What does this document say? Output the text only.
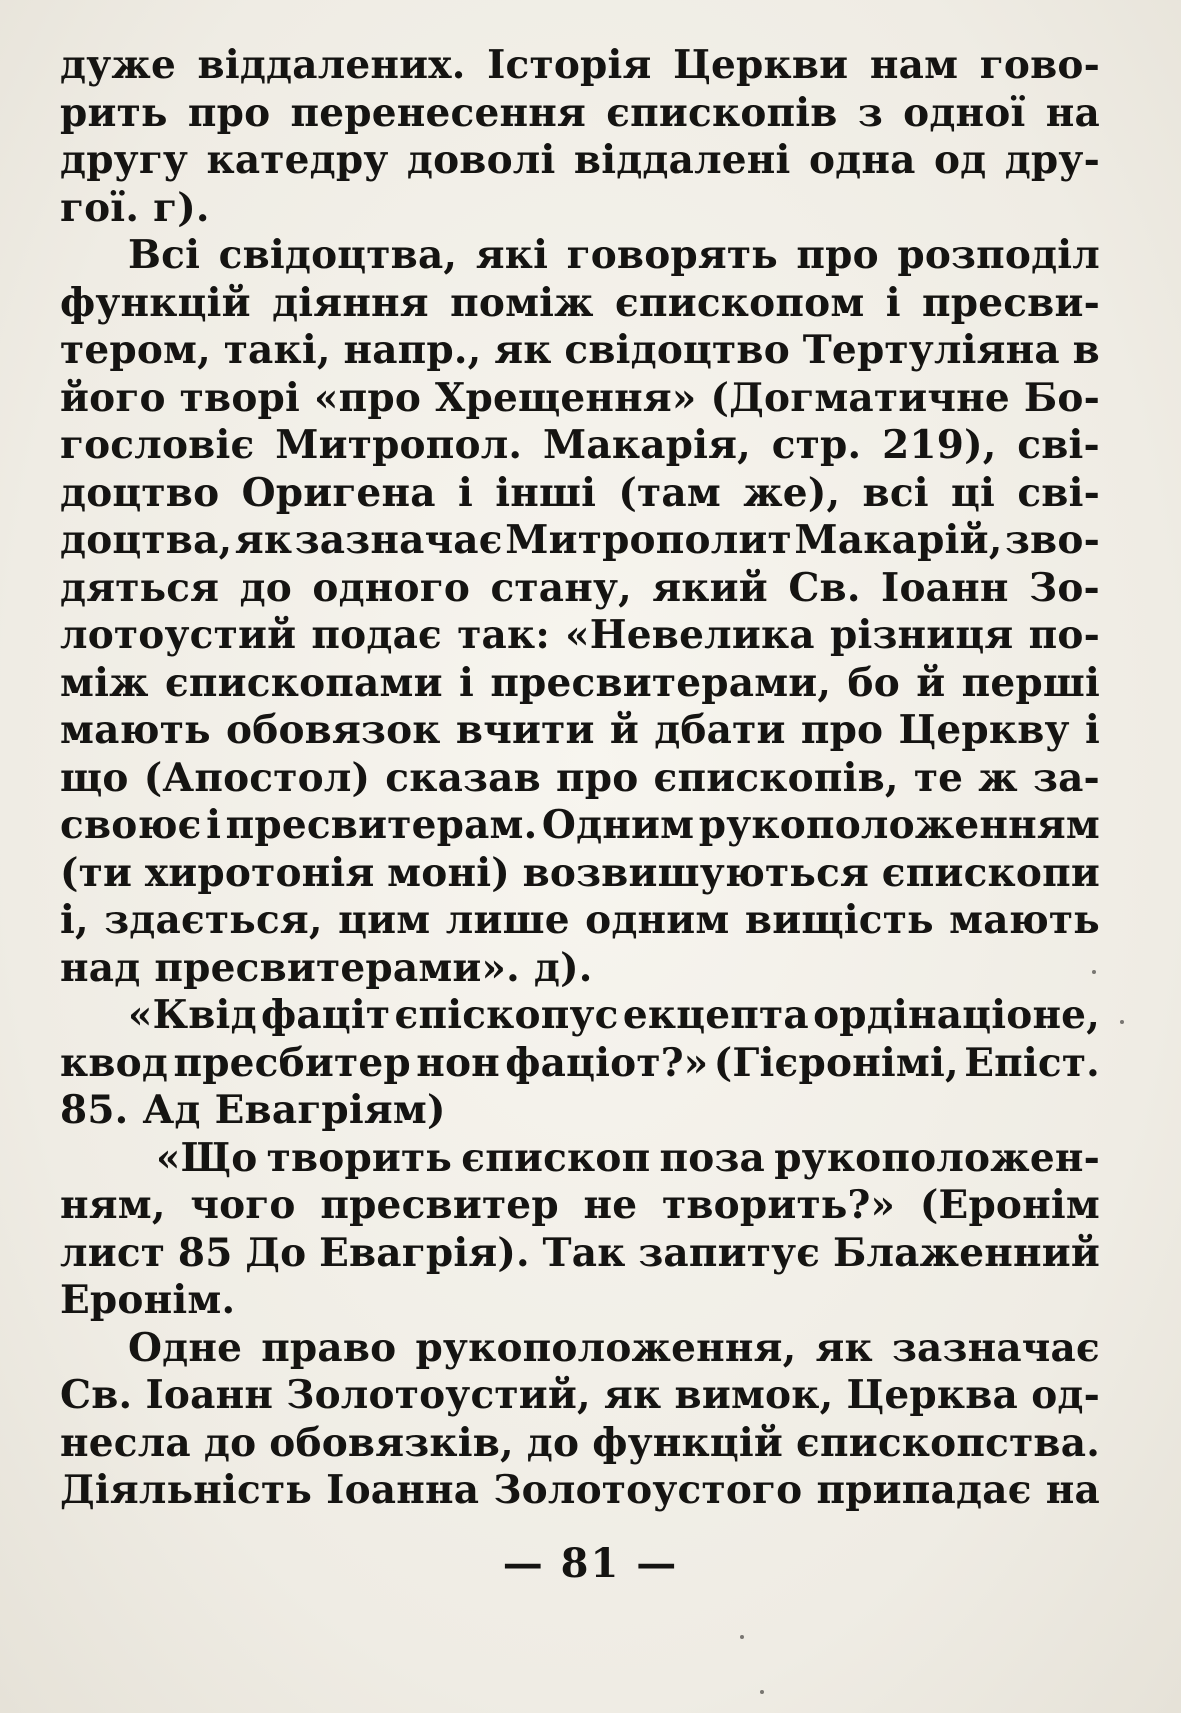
дуже віддалених. Історія Церкви нам гово-
рить про перенесення єпископів з одної на
другу катедру доволі віддалені одна од дру-
гої. г).
Всі свідоцтва, які говорять про розподіл
функцій діяння поміж єпископом і пресви-
тером, такі, напр., як свідоцтво Тертуліяна в
його творі «про Хрещення» (Догматичне Бо-
гословіє Митропол. Макарія, стр. 219), сві-
доцтво Оригена і інші (там же), всі ці сві-
доцтва, як зазначає Митрополит Макарій, зво-
дяться до одного стану, який Св. Іоанн Зо-
лотоустий подає так: «Невелика різниця по-
між єпископами і пресвитерами, бо й перші
мають обовязок вчити й дбати про Церкву і
що (Апостол) сказав про єпископів, те ж за-
своює і пресвитерам. Одним рукоположенням
(ти хиротонія моні) возвишуються єпископи
і, здається, цим лише одним вищість мають
над пресвитерами». д).
«Квід фаціт єпіскопус екцепта ордінаціоне,
квод пресбитер нон фаціот?» (Гієронімі, Епіст.
85. Ад Евагріям)
«Що творить єпископ поза рукоположен-
ням, чого пресвитер не творить?» (Еронім
лист 85 До Евагрія). Так запитує Блаженний
Еронім.
Одне право рукоположення, як зазначає
Св. Іоанн Золотоустий, як вимок, Церква од-
несла до обовязків, до функцій єпископства.
Діяльність Іоанна Золотоустого припадає на
— 81 —
